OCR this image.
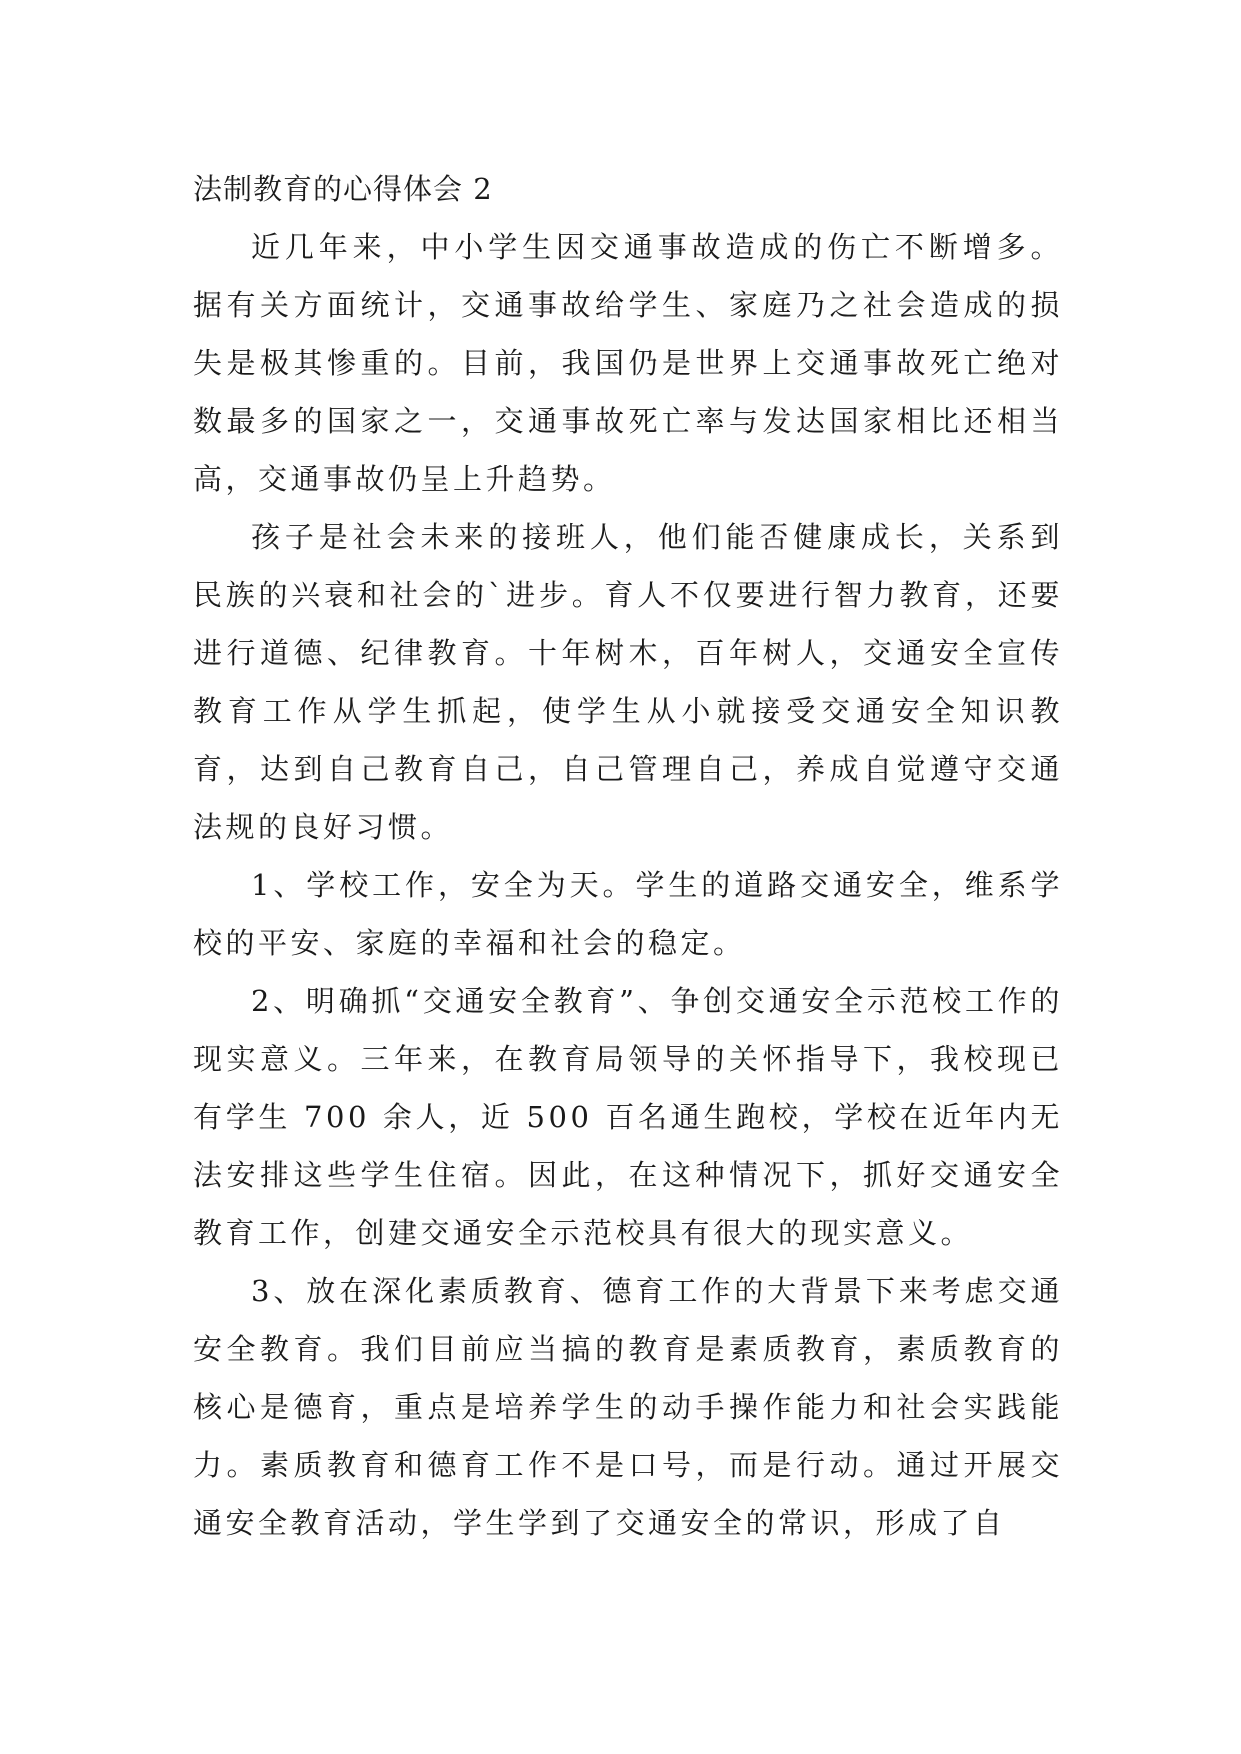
法制教育的心得体会 2

近几年来，中小学生因交通事故造成的伤亡不断增多。据有关方面统计，交通事故给学生、家庭乃之社会造成的损失是极其惨重的。目前，我国仍是世界上交通事故死亡绝对数最多的国家之一，交通事故死亡率与发达国家相比还相当高，交通事故仍呈上升趋势。

孩子是社会未来的接班人，他们能否健康成长，关系到民族的兴衰和社会的`进步。育人不仅要进行智力教育，还要进行道德、纪律教育。十年树木，百年树人，交通安全宣传教育工作从学生抓起，使学生从小就接受交通安全知识教育，达到自己教育自己，自己管理自己，养成自觉遵守交通法规的良好习惯。

1、学校工作，安全为天。学生的道路交通安全，维系学校的平安、家庭的幸福和社会的稳定。

2、明确抓“交通安全教育”、争创交通安全示范校工作的现实意义。三年来，在教育局领导的关怀指导下，我校现已有学生 700 余人，近 500 百名通生跑校，学校在近年内无法安排这些学生住宿。因此，在这种情况下，抓好交通安全教育工作，创建交通安全示范校具有很大的现实意义。

3、放在深化素质教育、德育工作的大背景下来考虑交通安全教育。我们目前应当搞的教育是素质教育，素质教育的核心是德育，重点是培养学生的动手操作能力和社会实践能力。素质教育和德育工作不是口号，而是行动。通过开展交通安全教育活动，学生学到了交通安全的常识，形成了自
